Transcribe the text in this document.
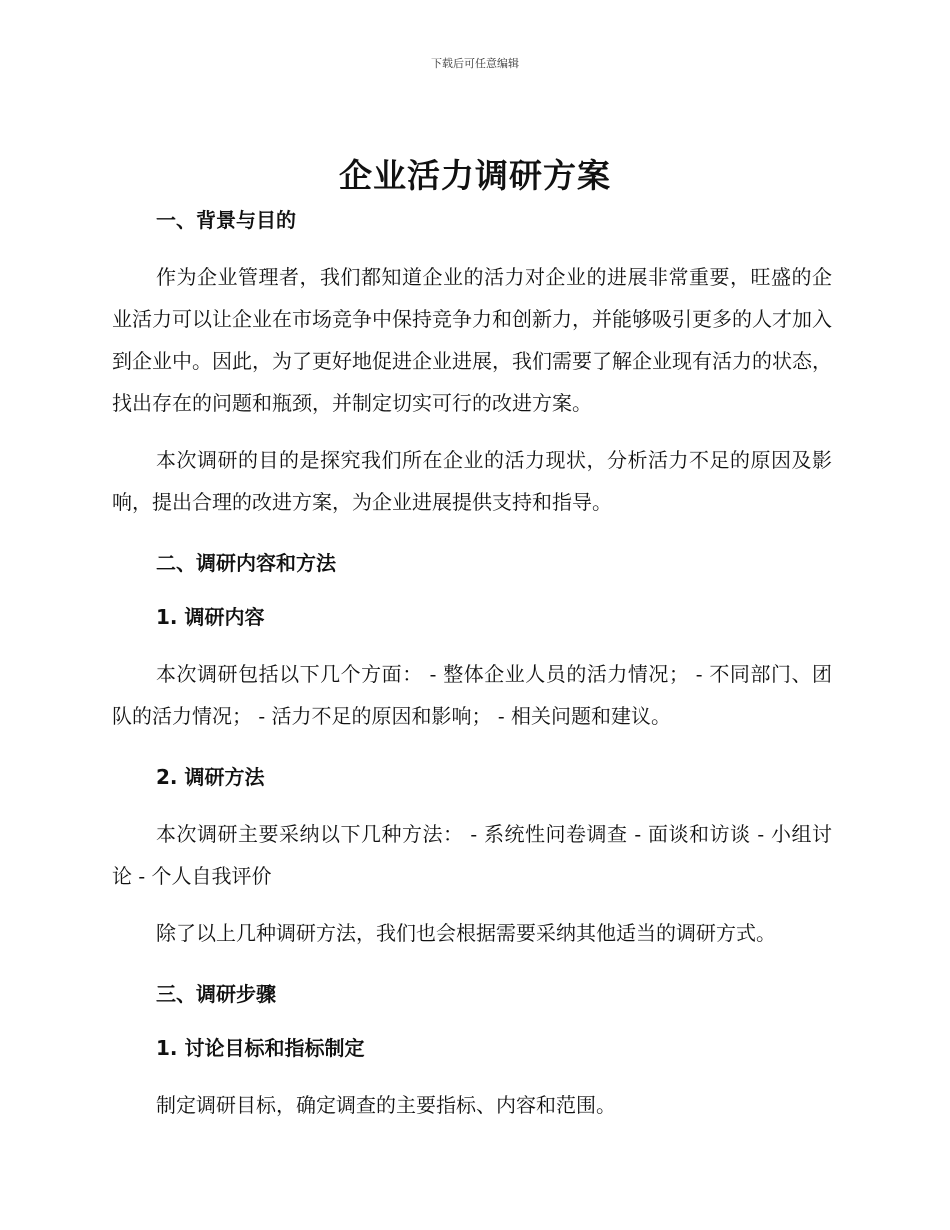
下载后可任意编辑
企业活力调研方案
一、背景与目的

作为企业管理者，我们都知道企业的活力对企业的进展非常重要，旺盛的企业活力可以让企业在市场竞争中保持竞争力和创新力，并能够吸引更多的人才加入到企业中。因此，为了更好地促进企业进展，我们需要了解企业现有活力的状态，找出存在的问题和瓶颈，并制定切实可行的改进方案。

本次调研的目的是探究我们所在企业的活力现状，分析活力不足的原因及影响，提出合理的改进方案，为企业进展提供支持和指导。

二、调研内容和方法
1. 调研内容

本次调研包括以下几个方面： - 整体企业人员的活力情况； - 不同部门、团队的活力情况； - 活力不足的原因和影响； - 相关问题和建议。

2. 调研方法

本次调研主要采纳以下几种方法： - 系统性问卷调查 - 面谈和访谈 - 小组讨论 - 个人自我评价

除了以上几种调研方法，我们也会根据需要采纳其他适当的调研方式。

三、调研步骤
1. 讨论目标和指标制定

制定调研目标，确定调查的主要指标、内容和范围。
